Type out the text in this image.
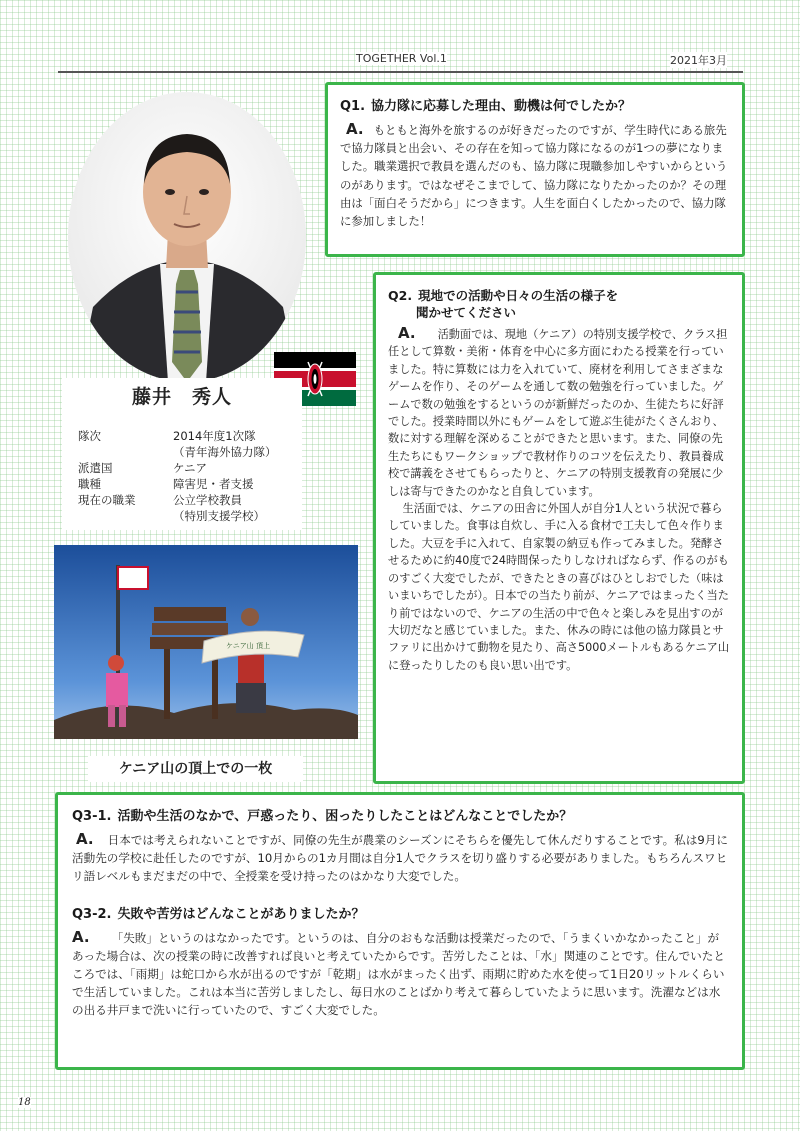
TOGETHER Vol.1	2021年3月
藤井　秀人
隊次	2014年度1次隊
（青年海外協力隊）
派遣国	ケニア
職種	障害児・者支援
現在の職業	公立学校教員
（特別支援学校）
ケニア山 頂上
ケニア山の頂上での一枚
Q1. 協力隊に応募した理由、動機は何でしたか？

A. もともと海外を旅するのが好きだったのですが、学生時代にある旅先で協力隊員と出会い、その存在を知って協力隊になるのが1つの夢になりました。職業選択で教員を選んだのも、協力隊に現職参加しやすいからというのがあります。ではなぜそこまでして、協力隊になりたかったのか？その理由は「面白そうだから」につきます。人生を面白くしたかったので、協力隊に参加しました！

Q2. 現地での活動や日々の生活の様子を
聞かせてください

A. 活動面では、現地（ケニア）の特別支援学校で、クラス担任として算数・美術・体育を中心に多方面にわたる授業を行っていました。特に算数には力を入れていて、廃材を利用してさまざまなゲームを作り、そのゲームを通して数の勉強を行っていました。ゲームで数の勉強をするというのが新鮮だったのか、生徒たちに好評でした。授業時間以外にもゲームをして遊ぶ生徒がたくさんおり、数に対する理解を深めることができたと思います。また、同僚の先生たちにもワークショップで教材作りのコツを伝えたり、教員養成校で講義をさせてもらったりと、ケニアの特別支援教育の発展に少しは寄与できたのかなと自負しています。

生活面では、ケニアの田舎に外国人が自分1人という状況で暮らしていました。食事は自炊し、手に入る食材で工夫して色々作りました。大豆を手に入れて、自家製の納豆も作ってみました。発酵させるために約40度で24時間保ったりしなければならず、作るのがものすごく大変でしたが、できたときの喜びはひとしおでした（味はいまいちでしたが）。日本での当たり前が、ケニアではまったく当たり前ではないので、ケニアの生活の中で色々と楽しみを見出すのが大切だなと感じていました。また、休みの時には他の協力隊員とサファリに出かけて動物を見たり、高さ5000メートルもあるケニア山に登ったりしたのも良い思い出です。

Q3-1. 活動や生活のなかで、戸惑ったり、困ったりしたことはどんなことでしたか？

A. 日本では考えられないことですが、同僚の先生が農業のシーズンにそちらを優先して休んだりすることです。私は9月に活動先の学校に赴任したのですが、10月からの1カ月間は自分1人でクラスを切り盛りする必要がありました。もちろんスワヒリ語レベルもまだまだの中で、全授業を受け持ったのはかなり大変でした。

Q3-2. 失敗や苦労はどんなことがありましたか？

A. 「失敗」というのはなかったです。というのは、自分のおもな活動は授業だったので、「うまくいかなかったこと」があった場合は、次の授業の時に改善すれば良いと考えていたからです。苦労したことは、「水」関連のことです。住んでいたところでは、「雨期」は蛇口から水が出るのですが「乾期」は水がまったく出ず、雨期に貯めた水を使って1日20リットルくらいで生活していました。これは本当に苦労しましたし、毎日水のことばかり考えて暮らしていたように思います。洗濯などは水の出る井戸まで洗いに行っていたので、すごく大変でした。

18
